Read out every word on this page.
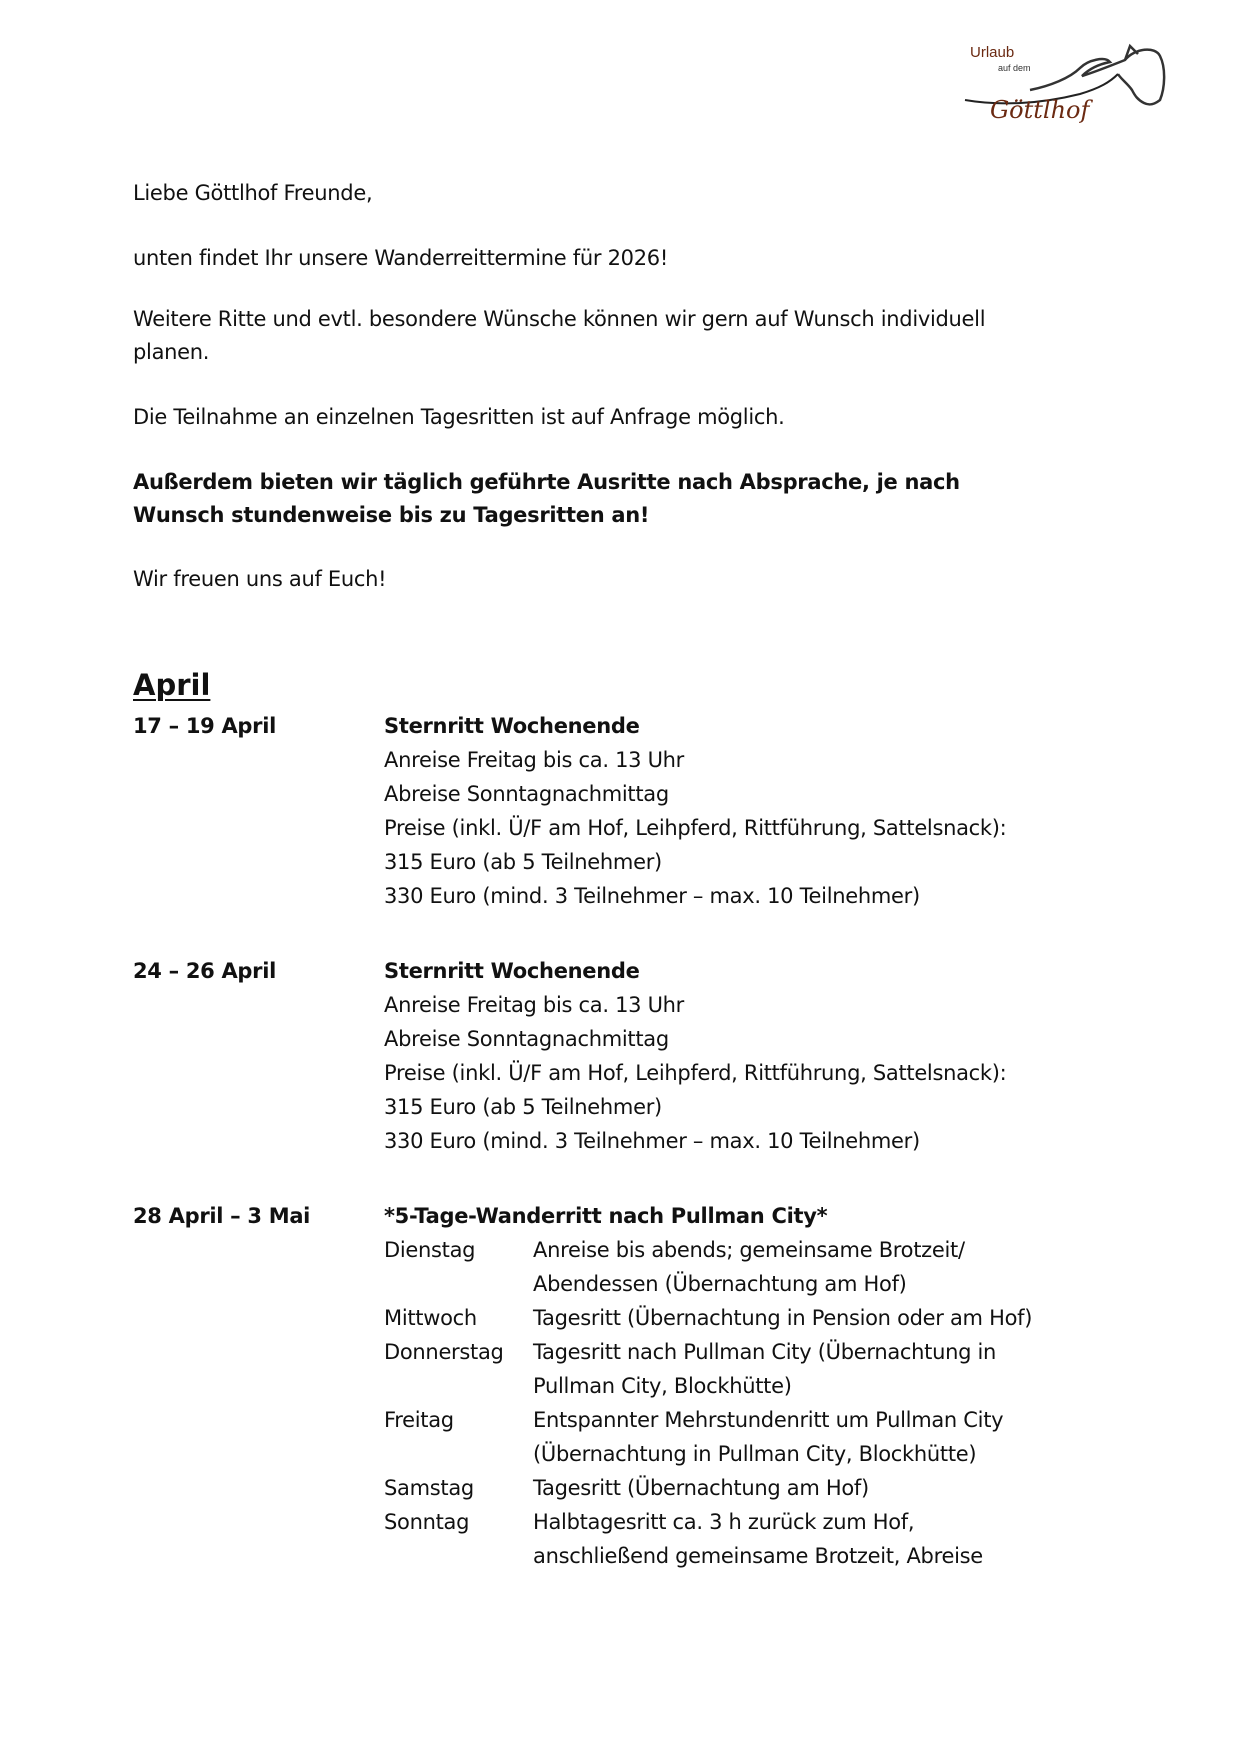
Urlaub
auf dem
Göttlhof
Liebe Göttlhof Freunde,
unten findet Ihr unsere Wanderreittermine für 2026!
Weitere Ritte und evtl. besondere Wünsche können wir gern auf Wunsch individuell
planen.
Die Teilnahme an einzelnen Tagesritten ist auf Anfrage möglich.
Außerdem bieten wir täglich geführte Ausritte nach Absprache, je nach
Wunsch stundenweise bis zu Tagesritten an!
Wir freuen uns auf Euch!
April
17 – 19 April	Sternritt Wochenende
Anreise Freitag bis ca. 13 Uhr
Abreise Sonntagnachmittag
Preise (inkl. Ü/F am Hof, Leihpferd, Rittführung, Sattelsnack):
315 Euro (ab 5 Teilnehmer)
330 Euro (mind. 3 Teilnehmer – max. 10 Teilnehmer)
24 – 26 April	Sternritt Wochenende
Anreise Freitag bis ca. 13 Uhr
Abreise Sonntagnachmittag
Preise (inkl. Ü/F am Hof, Leihpferd, Rittführung, Sattelsnack):
315 Euro (ab 5 Teilnehmer)
330 Euro (mind. 3 Teilnehmer – max. 10 Teilnehmer)
28 April – 3 Mai	*5-Tage-Wanderritt nach Pullman City*
Dienstag	Anreise bis abends; gemeinsame Brotzeit/
Abendessen (Übernachtung am Hof)
Mittwoch	Tagesritt (Übernachtung in Pension oder am Hof)
Donnerstag Tagesritt nach Pullman City (Übernachtung in
Pullman City, Blockhütte)
Freitag	Entspannter Mehrstundenritt um Pullman City
(Übernachtung in Pullman City, Blockhütte)
Samstag	Tagesritt (Übernachtung am Hof)
Sonntag	Halbtagesritt ca. 3 h zurück zum Hof,
anschließend gemeinsame Brotzeit, Abreise
